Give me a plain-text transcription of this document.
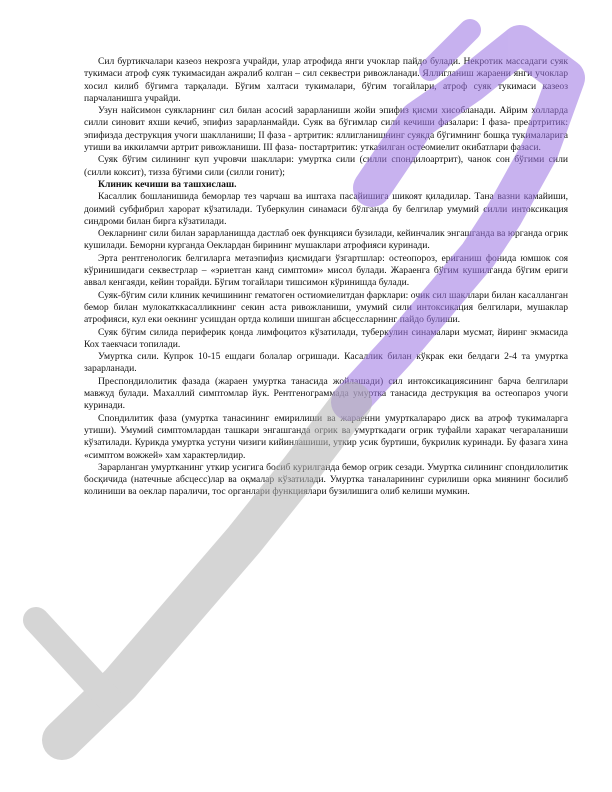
Сил буртикчалари казеоз некрозга учрайди, улар атрофида янги учоклар пайдо булади. Некротик массадаги суяк тукимаси атроф суяк тукимасидан ажралиб колган – сил секвестри ривожланади. Яллигланиш жараени янги учоклар хосил килиб бўгимга тарқалади. Бўгим халтаси тукималари, бўгим тогайлари, атроф суяк тукимаси казеоз парчаланишга учрайди.

Узун найсимон суякларнинг сил билан асосий зарарланиши жойи эпифиз қисми хисобланади. Айрим холларда силли синовит яхши кечиб, эпифиз зарарланмайди. Суяк ва бўгимлар сили кечиши фазалари: I фаза- преартритик: эпифизда деструкция учоги шаклланиши; II фаза - артритик: яллигланишнинг суякда бўгимнинг бошқа тукималарига утиши ва иккиламчи артрит ривожланиши. III фаза- постартритик: утказилган остеомиелит окибатлари фазаси.

Суяк бўгим силининг куп учровчи шакллари: умуртка сили (силли спондилоартрит), чанок сон бўгими сили (силли коксит), тизза бўгими сили (силли гонит);

Клиник кечиши ва ташхислаш.

Касаллик бошланишида беморлар тез чарчаш ва иштаха пасайишига шикоят қиладилар. Тана вазни камайиши, доимий субфибрил харорат кўзатилади. Туберкулин синамаси бўлганда бу белгилар умумий силли интоксикация синдроми билан бирга кўзатилади.

Оекларнинг сили билан зарарланишда дастлаб оек функцияси бузилади, кейинчалик энгашганда ва юрганда огрик кушилади. Беморни курганда Оеклардан бирининг мушаклари атрофияси куринади.

Эрта рентгенологик белгиларга метаэпифиз қисмидаги ўзгартшлар: остеопороз, ериганиш фонида юмшок соя кўринишидаги секвестрлар – «эриетган канд симптоми» мисол булади. Жараенга бўгим кушилганда бўгим ериги аввал кенгаяди, кейин торайди. Бўгим тогайлари тишсимон кўринишда булади.

Суяк-бўгим сили клиник кечишининг гематоген остиомиелитдан фарклари: очик сил шакллари билан касалланган бемор билан мулокатккасалликнинг секин аста ривожланиши, умумий сили интоксикация белгилари, мушаклар атрофияси, кул еки оекнинг усишдан ортда колиши шишган абсцессларнинг пайдо булиши.

Суяк бўгим силида периферик қонда лимфоцитоз кўзатилади, туберкулин синамалари мусмат, йиринг экмасида Кох таекчаси топилади.

Умуртка сили. Купрок 10-15 ешдаги болалар огришади. Касаллик билан кўкрак еки белдаги 2-4 та умуртка зарарланади.

Преспондилолитик фазада (жараен умуртка танасида жойлашади) сил интоксикациясининг барча белгилари мавжуд булади. Махаллий симптомлар йук. Рентгенограммада умуртка танасида деструкция ва остеопароз учоги куринади.

Спондилитик фаза (умуртка танасининг емирилиши ва жараенни умурткалараро диск ва атроф тукималарга утиши). Умумий симптомлардан ташкари энгашганда огрик ва умурткадаги огрик туфайли харакат чегараланиши кўзатилади. Курикда умуртка устуни чизиги кийинлашиши, уткир усик буртиши, букрилик куринади. Бу фазага хина «симптом вожжей» хам характерлидир.

Зарарланган умуртканинг уткир усигига босиб курилганда бемор огрик сезади. Умуртка силининг спондилолитик босқичида (натечные абсцесс)лар ва оқмалар кўзатилади. Умуртка таналарининг сурилиши орка миянинг босилиб колиниши ва оеклар параличи, тос органлари функциялари бузилишига олиб келиши мумкин.
